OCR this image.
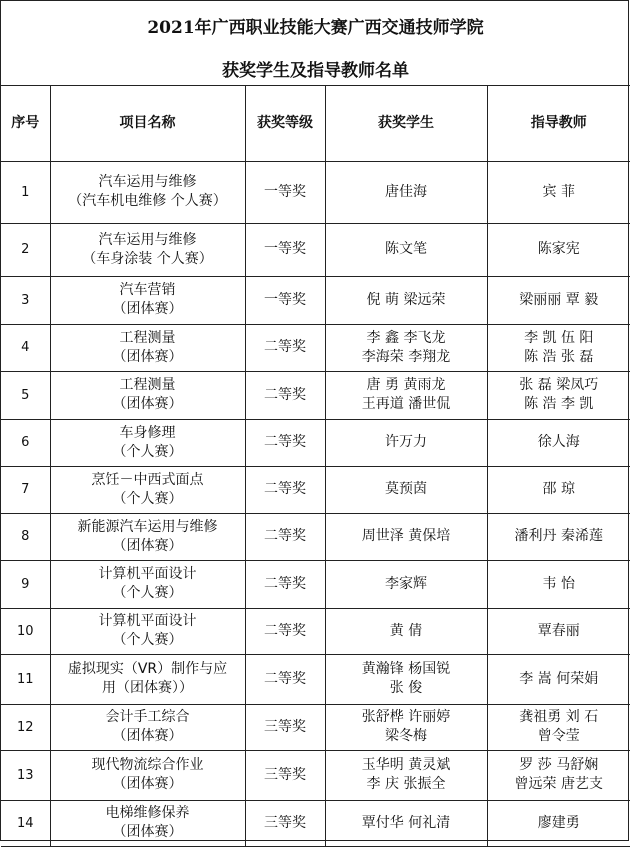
2021年广西职业技能大赛广西交通技师学院
获奖学生及指导教师名单
序号	项目名称	获奖等级	获奖学生	指导教师
1	汽车运用与维修
（汽车机电维修 个人赛）	一等奖	唐佳海	宾 菲

2	汽车运用与维修
（车身涂装 个人赛）	一等奖	陈文笔	陈家宪

3	汽车营销
（团体赛）	一等奖	倪 萌 梁远荣	梁丽丽 覃 毅

4	工程测量
（团体赛）	二等奖	李 鑫 李飞龙
李海荣 李翔龙	李 凯 伍 阳
陈 浩 张 磊

5	工程测量
（团体赛）	二等奖	唐 勇 黄雨龙
王再道 潘世侃	张 磊 梁凤巧
陈 浩 李 凯

6	车身修理
（个人赛）	二等奖	许万力	徐人海

7	烹饪－中西式面点
（个人赛）	二等奖	莫预茵	邵 琼

8	新能源汽车运用与维修
（团体赛）	二等奖	周世泽 黄保培	潘利丹 秦浠莲

9	计算机平面设计
（个人赛）	二等奖	李家辉	韦 怡

10	计算机平面设计
（个人赛）	二等奖	黄 倩	覃春丽

11	虚拟现实（VR）制作与应
用（团体赛））	二等奖	黄瀚锋 杨国锐
张 俊	李 嵩 何荣娟

12	会计手工综合
（团体赛）	三等奖	张舒桦 许丽婷
梁冬梅	龚祖勇 刘 石
曾令莹

13	现代物流综合作业
（团体赛）	三等奖	玉华明 黄灵斌
李 庆 张振全	罗 莎 马舒娴
曾远荣 唐艺支

14	电梯维修保养
（团体赛）	三等奖	覃付华 何礼清	廖建勇
